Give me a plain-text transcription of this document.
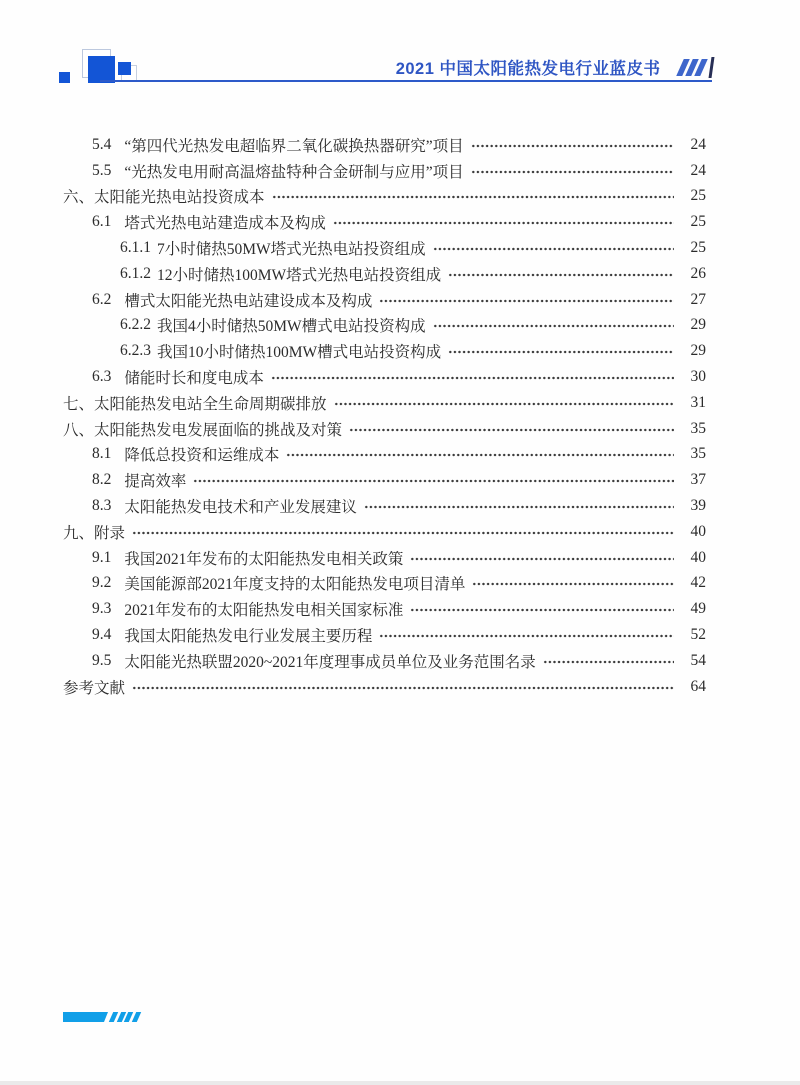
2021 中国太阳能热发电行业蓝皮书
5.4 “第四代光热发电超临界二氧化碳换热器研究”项目	24
5.5 “光热发电用耐高温熔盐特种合金研制与应用”项目	24
六、 太阳能光热电站投资成本	25
6.1 塔式光热电站建造成本及构成	25
6.1.1 7小时储热50MW塔式光热电站投资组成	25
6.1.2 12小时储热100MW塔式光热电站投资组成	26
6.2 槽式太阳能光热电站建设成本及构成	27
6.2.2 我国4小时储热50MW槽式电站投资构成	29
6.2.3 我国10小时储热100MW槽式电站投资构成	29
6.3 储能时长和度电成本	30
七、 太阳能热发电站全生命周期碳排放	31
八、 太阳能热发电发展面临的挑战及对策	35
8.1 降低总投资和运维成本	35
8.2 提高效率	37
8.3 太阳能热发电技术和产业发展建议	39
九、 附录	40
9.1 我国2021年发布的太阳能热发电相关政策	40
9.2 美国能源部2021年度支持的太阳能热发电项目清单	42
9.3 2021年发布的太阳能热发电相关国家标准	49
9.4 我国太阳能热发电行业发展主要历程	52
9.5 太阳能光热联盟2020~2021年度理事成员单位及业务范围名录	54
参考文献	64
